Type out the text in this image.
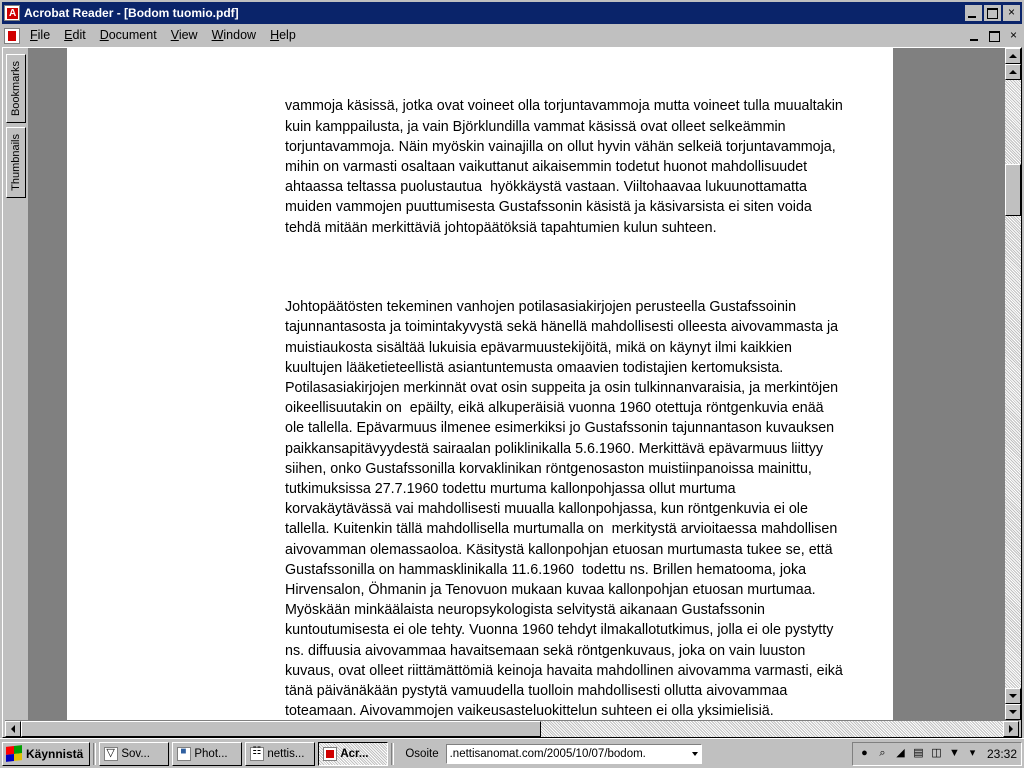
A
Acrobat Reader - [Bodom tuomio.pdf]
×
File	Edit	Document	View	Window	Help
×
Bookmarks
Thumbnails

vammoja käsissä, jotka ovat voineet olla torjuntavammoja mutta voineet tulla muualtakin kuin kamppailusta, ja vain Björklundilla vammat käsissä ovat olleet selkeämmin torjuntavammoja. Näin myöskin vainajilla on ollut hyvin vähän selkeiä torjuntavammoja, mihin on varmasti osaltaan vaikuttanut aikaisemmin todetut huonot mahdollisuudet ahtaassa teltassa puolustautua  hyökkäystä vastaan. Viiltohaavaa lukuunottamatta muiden vammojen puuttumisesta Gustafssonin käsistä ja käsivarsista ei siten voida tehdä mitään merkittäviä johtopäätöksiä tapahtumien kulun suhteen.

Johtopäätösten tekeminen vanhojen potilasasiakirjojen perusteella Gustafssoinin tajunnantasosta ja toimintakyvystä sekä hänellä mahdollisesti olleesta aivovammasta ja muistiaukosta sisältää lukuisia epävarmuustekijöitä, mikä on käynyt ilmi kaikkien kuultujen lääketieteellistä asiantuntemusta omaavien todistajien kertomuksista. Potilasasiakirjojen merkinnät ovat osin suppeita ja osin tulkinnanvaraisia, ja merkintöjen oikeellisuutakin on  epäilty, eikä alkuperäisiä vuonna 1960 otettuja röntgenkuvia enää ole tallella. Epävarmuus ilmenee esimerkiksi jo Gustafssonin tajunnantason kuvauksen paikkansapitävyydestä sairaalan poliklinikalla 5.6.1960. Merkittävä epävarmuus liittyy siihen, onko Gustafssonilla korvaklinikan röntgenosaston muistiinpanoissa mainittu, tutkimuksissa 27.7.1960 todettu murtuma kallonpohjassa ollut murtuma korvakäytävässä vai mahdollisesti muualla kallonpohjassa, kun röntgenkuvia ei ole tallella. Kuitenkin tällä mahdollisella murtumalla on  merkitystä arvioitaessa mahdollisen aivovamman olemassaoloa. Käsitystä kallonpohjan etuosan murtumasta tukee se, että Gustafssonilla on hammasklinikalla 11.6.1960  todettu ns. Brillen hematooma, joka Hirvensalon, Öhmanin ja Tenovuon mukaan kuvaa kallonpohjan etuosan murtumaa. Myöskään minkäälaista neuropsykologista selvitystä aikanaan Gustafssonin kuntoutumisesta ei ole tehty. Vuonna 1960 tehdyt ilmakallotutkimus, jolla ei ole pystytty ns. diffuusia aivovammaa havaitsemaan sekä röntgenkuvaus, joka on vain luuston kuvaus, ovat olleet riittämättömiä keinoja havaita mahdollinen aivovamma varmasti, eikä tänä päivänäkään pystytä vamuudella tuolloin mahdollisesti ollutta aivovammaa toteamaan. Aivovammojen vaikeusasteluokittelun suhteen ei olla yksimielisiä.

Käynnistä ▽	Sov... ■	Phot... ☷	nettis...	Acr...	Osoite .nettisanomat.com/2005/10/07/bodom.	●	⌕ ◢ ▤ ◫ ▼ ▾ 23:32
